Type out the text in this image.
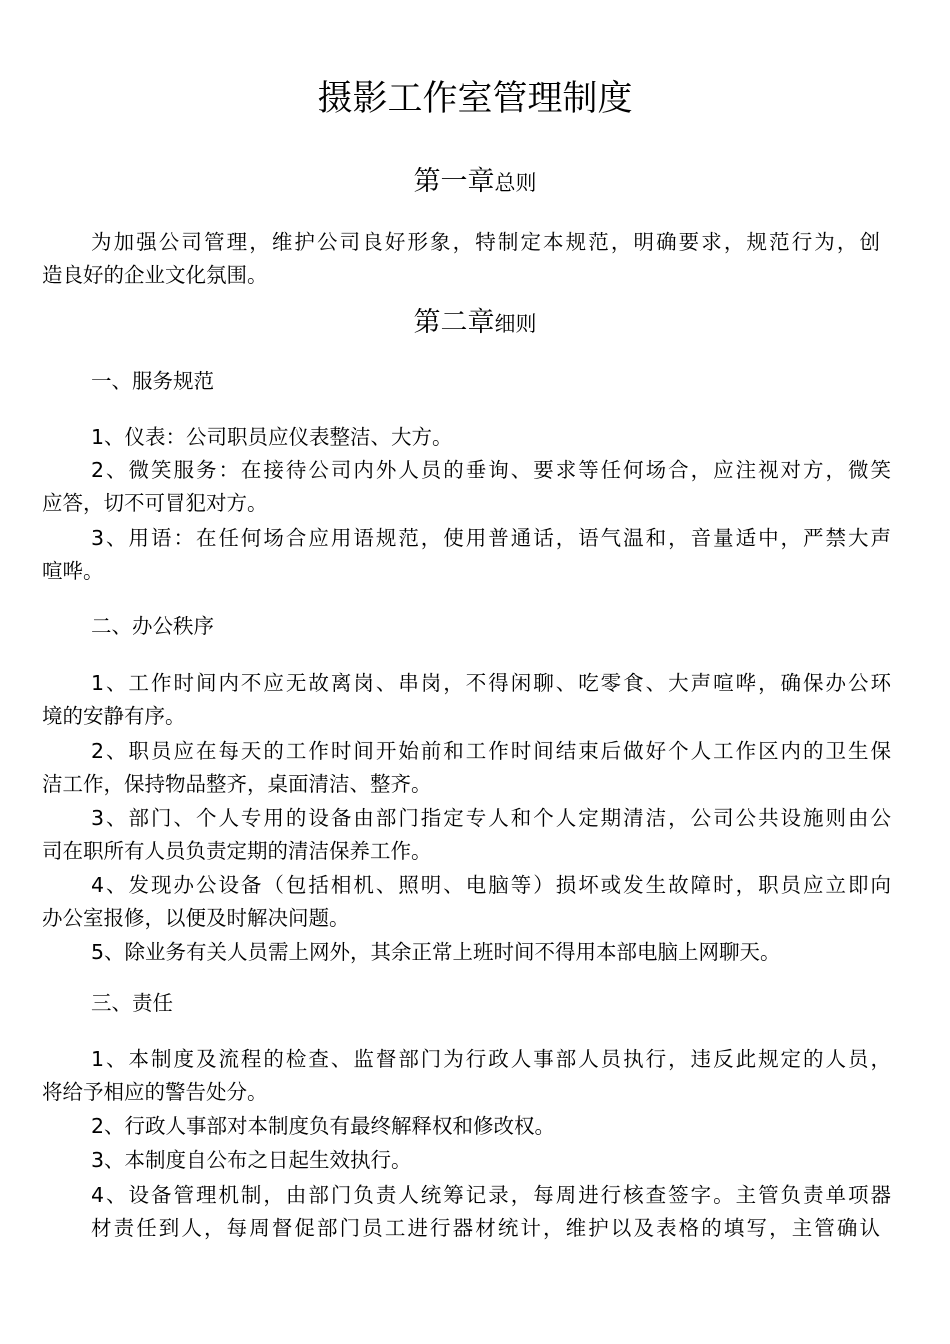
摄影工作室管理制度
第一章总则

为加强公司管理，维护公司良好形象，特制定本规范，明确要求，规范行为，创

造良好的企业文化氛围。

第二章细则

一、服务规范

1、仪表：公司职员应仪表整洁、大方。

2、微笑服务：在接待公司内外人员的垂询、要求等任何场合，应注视对方，微笑

应答，切不可冒犯对方。

3、用语：在任何场合应用语规范，使用普通话，语气温和，音量适中，严禁大声

喧哗。

二、办公秩序

1、工作时间内不应无故离岗、串岗，不得闲聊、吃零食、大声喧哗，确保办公环

境的安静有序。

2、职员应在每天的工作时间开始前和工作时间结束后做好个人工作区内的卫生保

洁工作，保持物品整齐，桌面清洁、整齐。

3、部门、个人专用的设备由部门指定专人和个人定期清洁，公司公共设施则由公

司在职所有人员负责定期的清洁保养工作。

4、发现办公设备（包括相机、照明、电脑等）损坏或发生故障时，职员应立即向

办公室报修，以便及时解决问题。

5、除业务有关人员需上网外，其余正常上班时间不得用本部电脑上网聊天。

三、责任

1、本制度及流程的检查、监督部门为行政人事部人员执行，违反此规定的人员，

将给予相应的警告处分。

2、行政人事部对本制度负有最终解释权和修改权。

3、本制度自公布之日起生效执行。

4、设备管理机制，由部门负责人统筹记录，每周进行核查签字。主管负责单项器

材责任到人，每周督促部门员工进行器材统计，维护以及表格的填写，主管确认
